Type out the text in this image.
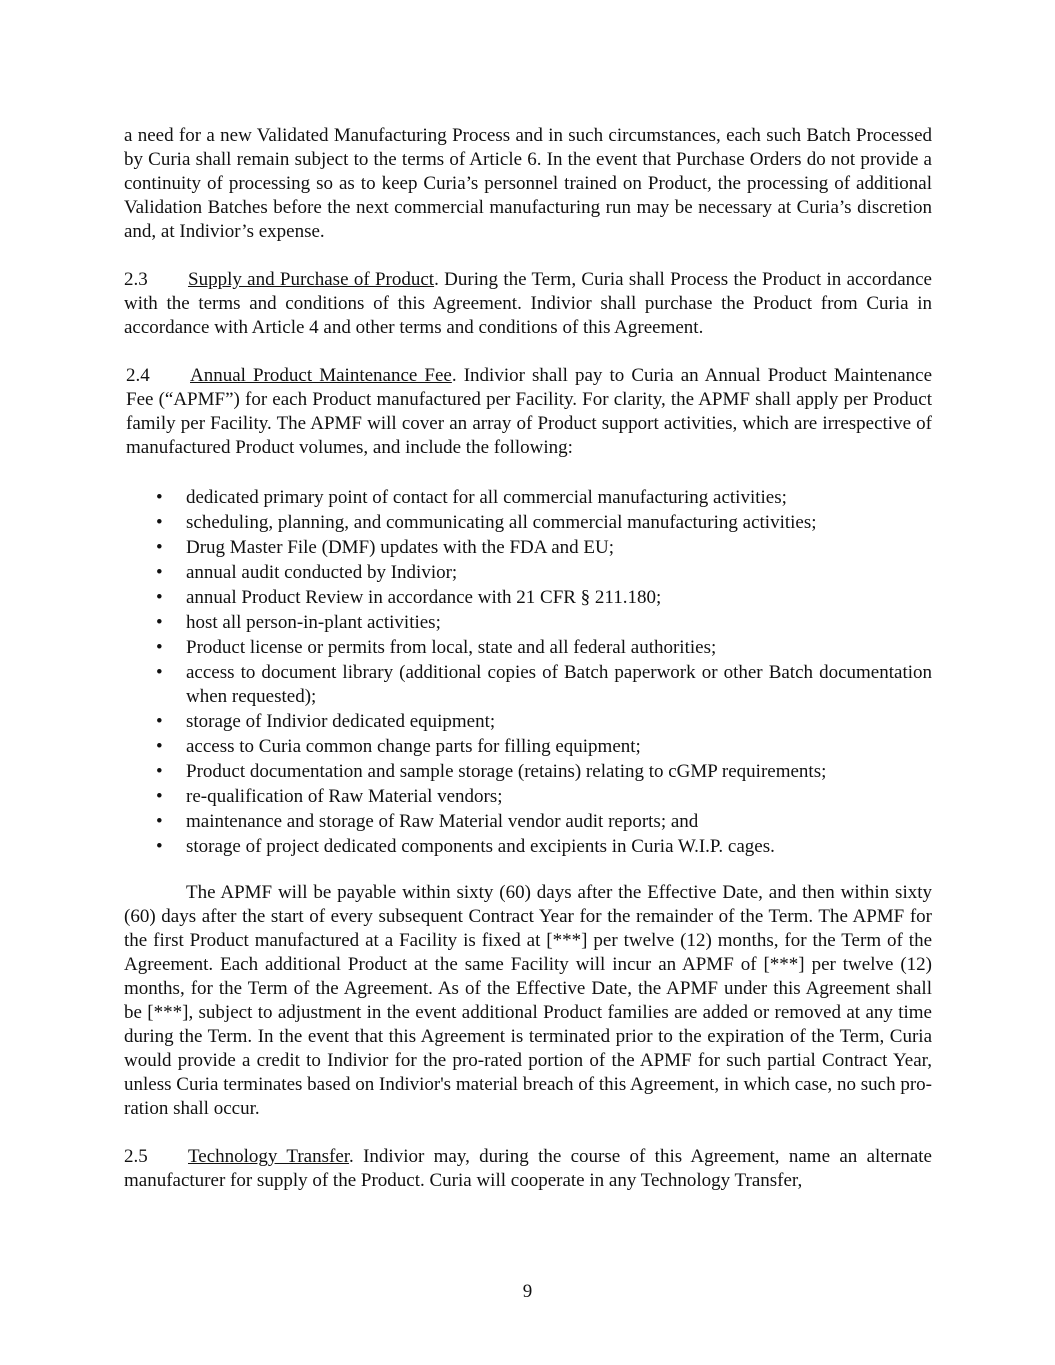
a need for a new Validated Manufacturing Process and in such circumstances, each such Batch Processed by Curia shall remain subject to the terms of Article 6. In the event that Purchase Orders do not provide a continuity of processing so as to keep Curia’s personnel trained on Product, the processing of additional Validation Batches before the next commercial manufacturing run may be necessary at Curia’s discretion and, at Indivior’s expense.

2.3 Supply and Purchase of Product. During the Term, Curia shall Process the Product in accordance with the terms and conditions of this Agreement. Indivior shall purchase the Product from Curia in accordance with Article 4 and other terms and conditions of this Agreement.

2.4 Annual Product Maintenance Fee. Indivior shall pay to Curia an Annual Product Maintenance Fee (“APMF”) for each Product manufactured per Facility. For clarity, the APMF shall apply per Product family per Facility. The APMF will cover an array of Product support activities, which are irrespective of manufactured Product volumes, and include the following:

• dedicated primary point of contact for all commercial manufacturing activities;
• scheduling, planning, and communicating all commercial manufacturing activities;
• Drug Master File (DMF) updates with the FDA and EU;
• annual audit conducted by Indivior;
• annual Product Review in accordance with 21 CFR § 211.180;
• host all person-in-plant activities;
• Product license or permits from local, state and all federal authorities;
• access to document library (additional copies of Batch paperwork or other Batch documentation when requested);
• storage of Indivior dedicated equipment;
• access to Curia common change parts for filling equipment;
• Product documentation and sample storage (retains) relating to cGMP requirements;
• re-qualification of Raw Material vendors;
• maintenance and storage of Raw Material vendor audit reports; and
• storage of project dedicated components and excipients in Curia W.I.P. cages.

The APMF will be payable within sixty (60) days after the Effective Date, and then within sixty (60) days after the start of every subsequent Contract Year for the remainder of the Term. The APMF for the first Product manufactured at a Facility is fixed at [***] per twelve (12) months, for the Term of the Agreement. Each additional Product at the same Facility will incur an APMF of [***] per twelve (12) months, for the Term of the Agreement. As of the Effective Date, the APMF under this Agreement shall be [***], subject to adjustment in the event additional Product families are added or removed at any time during the Term. In the event that this Agreement is terminated prior to the expiration of the Term, Curia would provide a credit to Indivior for the pro-rated portion of the APMF for such partial Contract Year, unless Curia terminates based on Indivior's material breach of this Agreement, in which case, no such pro-ration shall occur.

2.5 Technology Transfer. Indivior may, during the course of this Agreement, name an alternate manufacturer for supply of the Product. Curia will cooperate in any Technology Transfer,

9
